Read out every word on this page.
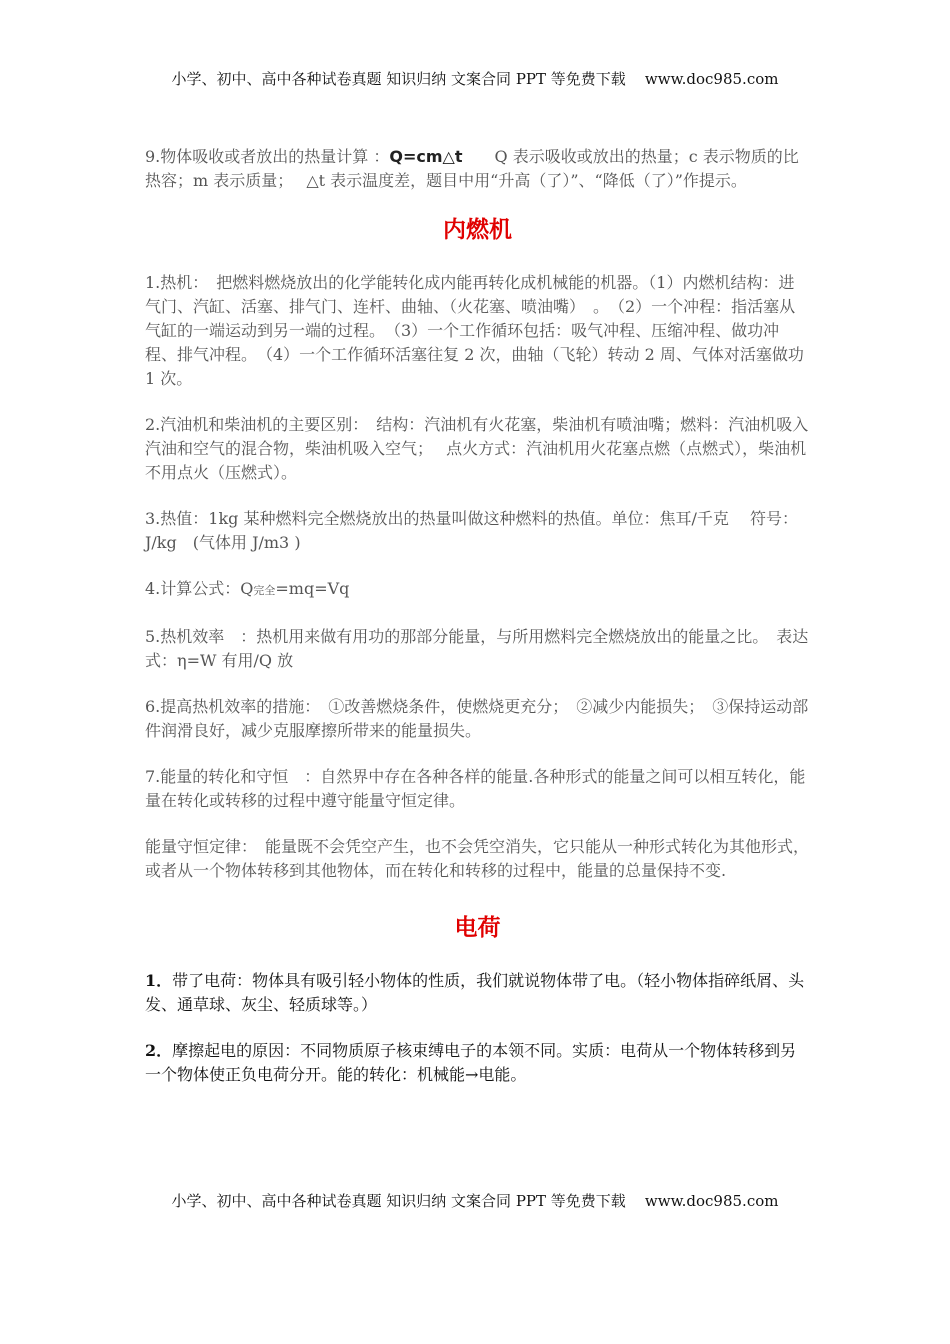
小学、初中、高中各种试卷真题 知识归纳 文案合同 PPT 等免费下载 www.doc985.com

9.物体吸收或者放出的热量计算 ：Q=cm△t　　Q 表示吸收或放出的热量；c 表示物质的比热容；m 表示质量；　 △t 表示温度差，题目中用“升高（了）”、“降低（了）”作提示。

内燃机

1.热机：　把燃料燃烧放出的化学能转化成内能再转化成机械能的机器。（1）内燃机结构：进气门、汽缸、活塞、排气门、连杆、曲轴、（火花塞、喷油嘴）　。　（2）一个冲程：指活塞从气缸的一端运动到另一端的过程。　（3）一个工作循环包括：吸气冲程、压缩冲程、做功冲程、排气冲程。　（4）一个工作循环活塞往复 2 次，曲轴（飞轮）转动 2 周、气体对活塞做功 1 次。

2.汽油机和柴油机的主要区别：　结构：汽油机有火花塞，柴油机有喷油嘴；燃料：汽油机吸入汽油和空气的混合物，柴油机吸入空气；　 点火方式：汽油机用火花塞点燃（点燃式），柴油机不用点火（压燃式）。

3.热值：1kg 某种燃料完全燃烧放出的热量叫做这种燃料的热值。单位：焦耳/千克　 符号：J/kg　(气体用 J/m3 )

4.计算公式：Q完全=mq=Vq

5.热机效率　：热机用来做有用功的那部分能量，与所用燃料完全燃烧放出的能量之比。　表达式：η=W 有用/Q 放

6.提高热机效率的措施：　①改善燃烧条件，使燃烧更充分；　②减少内能损失；　③保持运动部件润滑良好，减少克服摩擦所带来的能量损失。

7.能量的转化和守恒　：自然界中存在各种各样的能量.各种形式的能量之间可以相互转化，能量在转化或转移的过程中遵守能量守恒定律。

能量守恒定律：　能量既不会凭空产生，也不会凭空消失，它只能从一种形式转化为其他形式，或者从一个物体转移到其他物体，而在转化和转移的过程中，能量的总量保持不变.

电荷

1．带了电荷：物体具有吸引轻小物体的性质，我们就说物体带了电。（轻小物体指碎纸屑、头发、通草球、灰尘、轻质球等。）

2．摩擦起电的原因：不同物质原子核束缚电子的本领不同。实质：电荷从一个物体转移到另一个物体使正负电荷分开。能的转化：机械能→电能。

小学、初中、高中各种试卷真题 知识归纳 文案合同 PPT 等免费下载 www.doc985.com
